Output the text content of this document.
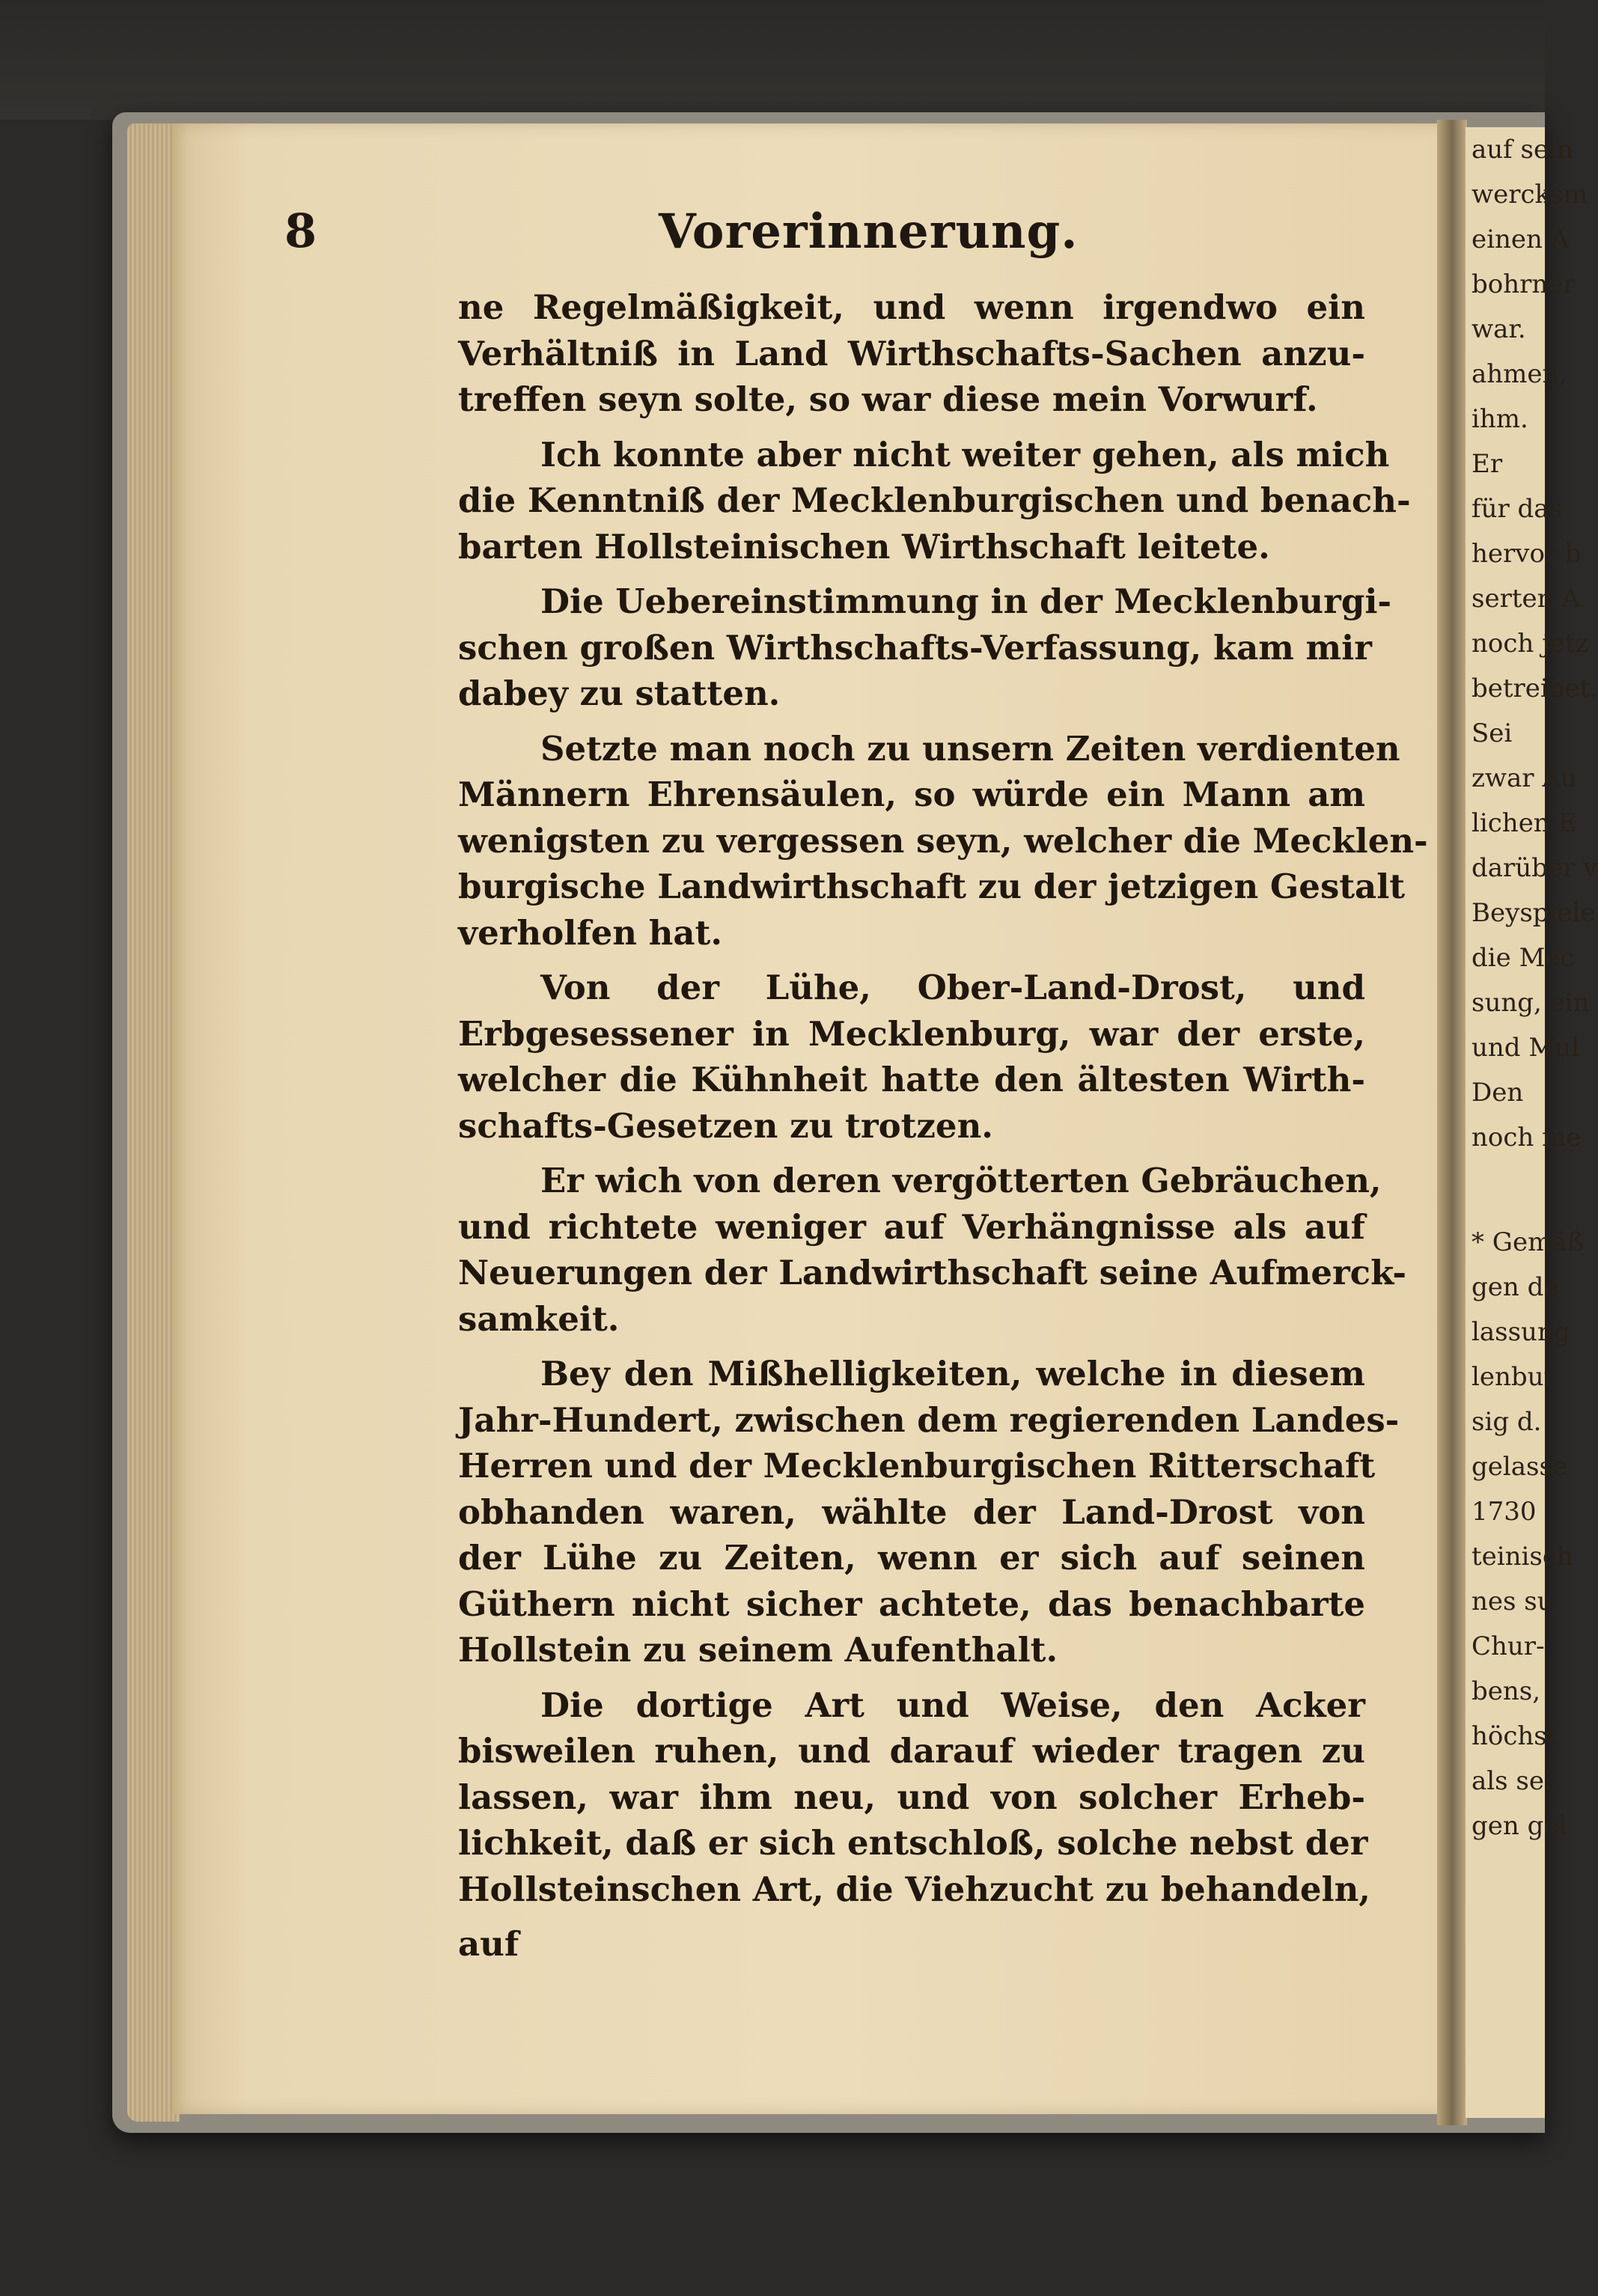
auf sein
wercksm
einen A
bohrner
war.
ahmen,
ihm.
Er
für das
hervor b
serten A
noch jetz
betreibet.
Sei
zwar Au
lichen E
darüber v
Beyspiele
die Mec
sung, ein
und Mul
Den
noch me
* Gemäß
gen de
lassung
lenbur
sig d.
gelasse
1730
teinisch
nes su
Chur-
bens,
höchst
als sei
gen gel
8	Vorerinnerung.
ne Regelmäßigkeit, und wenn irgendwo ein
Verhältniß in Land Wirthschafts-Sachen anzu-
treffen seyn solte, so war diese mein Vorwurf.
Ich konnte aber nicht weiter gehen, als mich
die Kenntniß der Mecklenburgischen und benach-
barten Hollsteinischen Wirthschaft leitete.
Die Uebereinstimmung in der Mecklenburgi-
schen großen Wirthschafts-Verfassung, kam mir
dabey zu statten.
Setzte man noch zu unsern Zeiten verdienten
Männern Ehrensäulen, so würde ein Mann am
wenigsten zu vergessen seyn, welcher die Mecklen-
burgische Landwirthschaft zu der jetzigen Gestalt
verholfen hat.
Von der Lühe, Ober-Land-Drost, und
Erbgesessener in Mecklenburg, war der erste,
welcher die Kühnheit hatte den ältesten Wirth-
schafts-Gesetzen zu trotzen.
Er wich von deren vergötterten Gebräuchen,
und richtete weniger auf Verhängnisse als auf
Neuerungen der Landwirthschaft seine Aufmerck-
samkeit.
Bey den Mißhelligkeiten, welche in diesem
Jahr-Hundert, zwischen dem regierenden Landes-
Herren und der Mecklenburgischen Ritterschaft
obhanden waren, wählte der Land-Drost von
der Lühe zu Zeiten, wenn er sich auf seinen
Güthern nicht sicher achtete, das benachbarte
Hollstein zu seinem Aufenthalt.
Die dortige Art und Weise, den Acker
bisweilen ruhen, und darauf wieder tragen zu
lassen, war ihm neu, und von solcher Erheb-
lichkeit, daß er sich entschloß, solche nebst der
Hollsteinschen Art, die Viehzucht zu behandeln,
auf
